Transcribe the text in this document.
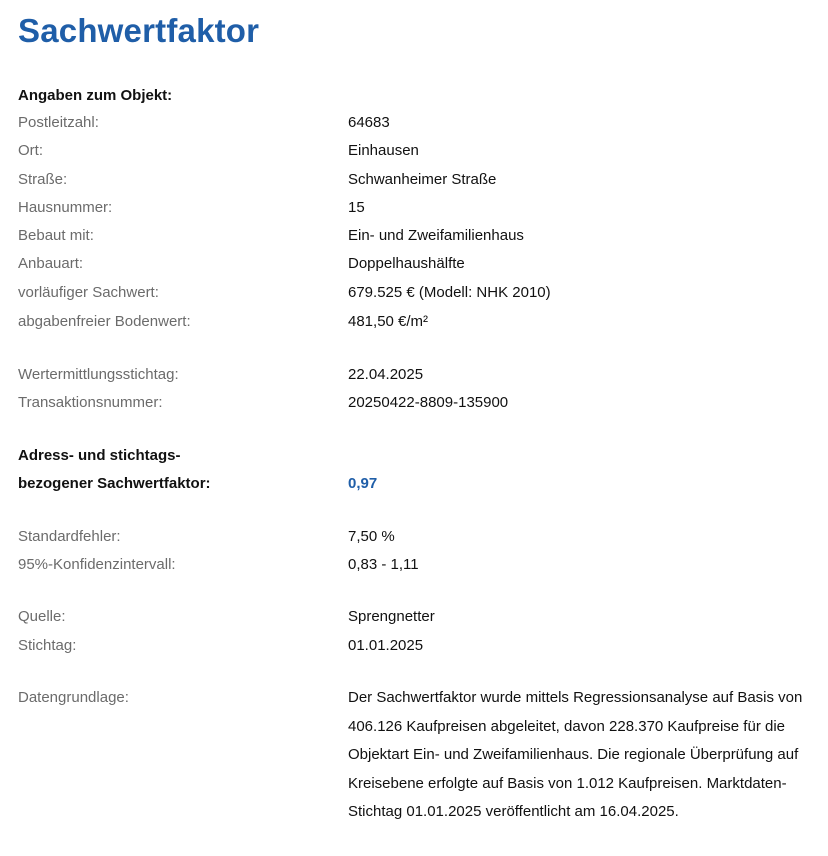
Sachwertfaktor
Angaben zum Objekt:
Postleitzahl:	64683
Ort:	Einhausen
Straße:	Schwanheimer Straße
Hausnummer:	15
Bebaut mit:	Ein- und Zweifamilienhaus
Anbauart:	Doppelhaushälfte
vorläufiger Sachwert:	679.525 € (Modell: NHK 2010)
abgabenfreier Bodenwert:	481,50 €/m²
Wertermittlungsstichtag:	22.04.2025
Transaktionsnummer:	20250422-8809-135900
Adress- und stichtags-
bezogener Sachwertfaktor:	0,97
Standardfehler:	7,50 %
95%-Konfidenzintervall:	0,83 - 1,11
Quelle:	Sprengnetter
Stichtag:	01.01.2025
Datengrundlage:	Der Sachwertfaktor wurde mittels Regressionsanalyse auf Basis von 406.126 Kaufpreisen abgeleitet, davon 228.370 Kaufpreise für die Objektart Ein- und Zweifamilienhaus. Die regionale Überprüfung auf Kreisebene erfolgte auf Basis von 1.012 Kaufpreisen. Marktdaten-Stichtag 01.01.2025 veröffentlicht am 16.04.2025.
